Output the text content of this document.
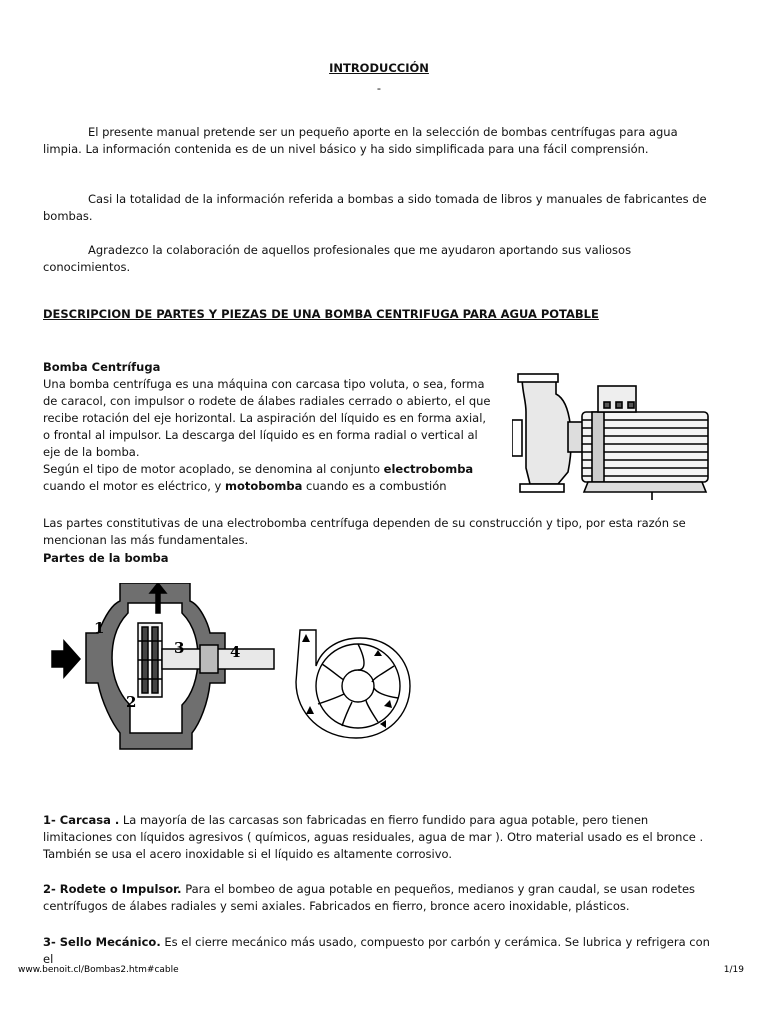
INTRODUCCIÓN
-
El presente manual pretende ser un pequeño aporte en la selección de bombas centrífugas para agua limpia. La información contenida es de un nivel básico y ha sido simplificada para una fácil comprensión.
Casi la totalidad de la información referida a bombas a sido tomada de libros y manuales de fabricantes de bombas.
Agradezco la colaboración de aquellos profesionales que me ayudaron aportando sus valiosos conocimientos.
DESCRIPCION DE PARTES Y PIEZAS DE UNA BOMBA CENTRIFUGA PARA AGUA POTABLE
Bomba Centrífuga
Una bomba centrífuga es una máquina con carcasa tipo voluta, o sea, forma de caracol, con impulsor o rodete de álabes radiales cerrado o abierto, el que recibe rotación del eje horizontal. La aspiración del líquido es en forma axial, o frontal al impulsor. La descarga del líquido es en forma radial o vertical al eje de la bomba.
Según el tipo de motor acoplado, se denomina al conjunto electrobomba
cuando el motor es eléctrico, y motobomba cuando es a combustión
Las partes constitutivas de una electrobomba centrífuga dependen de su construcción y tipo, por esta razón se mencionan las más fundamentales.
Partes de la bomba
1
2
3	4
1- Carcasa . La mayoría de las carcasas son fabricadas en fierro fundido para agua potable, pero tienen limitaciones con líquidos agresivos ( químicos, aguas residuales, agua de mar ). Otro material usado es el bronce . También se usa el acero inoxidable si el líquido es altamente corrosivo.
2- Rodete o Impulsor. Para el bombeo de agua potable en pequeños, medianos y gran caudal, se usan rodetes centrífugos de álabes radiales y semi axiales. Fabricados en fierro, bronce acero inoxidable, plásticos.
3- Sello Mecánico. Es el cierre mecánico más usado, compuesto por carbón y cerámica. Se lubrica y refrigera con el
www.benoit.cl/Bombas2.htm#cable	1/19
